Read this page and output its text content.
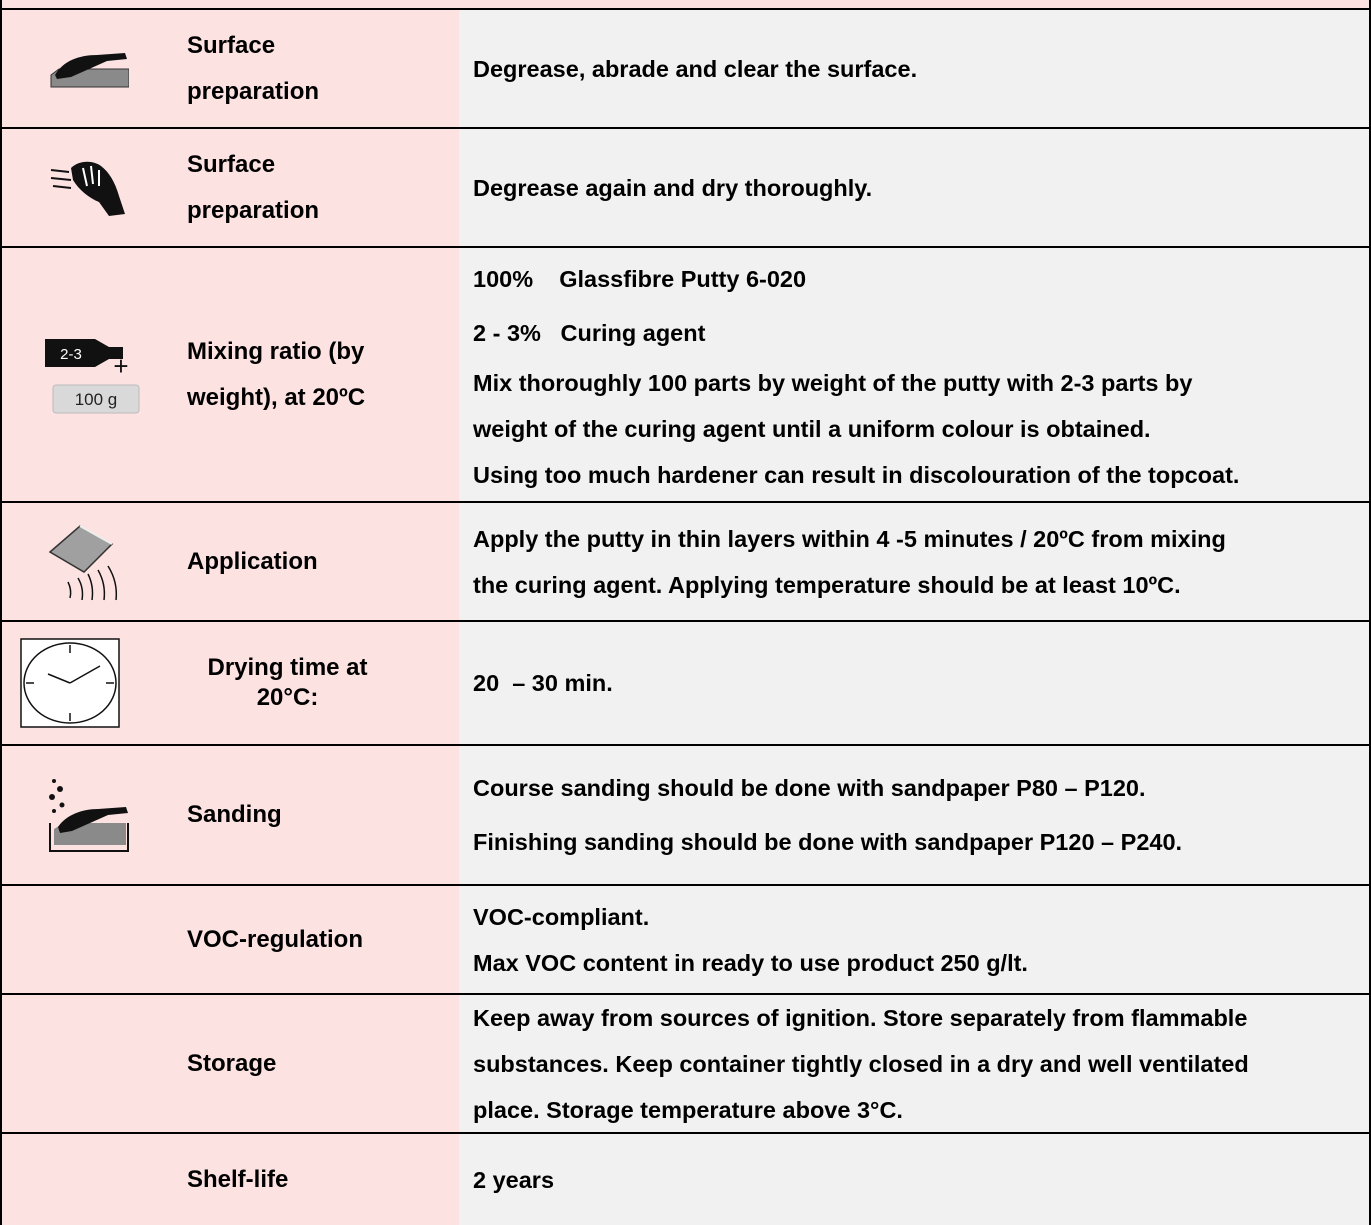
Surface
preparation

Degrease, abrade and clear the surface.

Surface
preparation

Degrease again and dry thoroughly.

2-3 +
100 g
Mixing ratio (by
weight), at 20ºC

100%    Glassfibre Putty 6-020

2 - 3%   Curing agent

Mix thoroughly 100 parts by weight of the putty with 2-3 parts by

weight of the curing agent until a uniform colour is obtained.

Using too much hardener can result in discolouration of the topcoat.

Application

Apply the putty in thin layers within 4 -5 minutes / 20ºC from mixing

the curing agent. Applying temperature should be at least 10ºC.

Drying time at
20°C:

20  – 30 min.

Sanding

Course sanding should be done with sandpaper P80 – P120.

Finishing sanding should be done with sandpaper P120 – P240.

VOC-regulation

VOC-compliant.

Max VOC content in ready to use product 250 g/lt.

Storage

Keep away from sources of ignition. Store separately from flammable

substances. Keep container tightly closed in a dry and well ventilated

place. Storage temperature above 3°C.

Shelf-life	2 years
